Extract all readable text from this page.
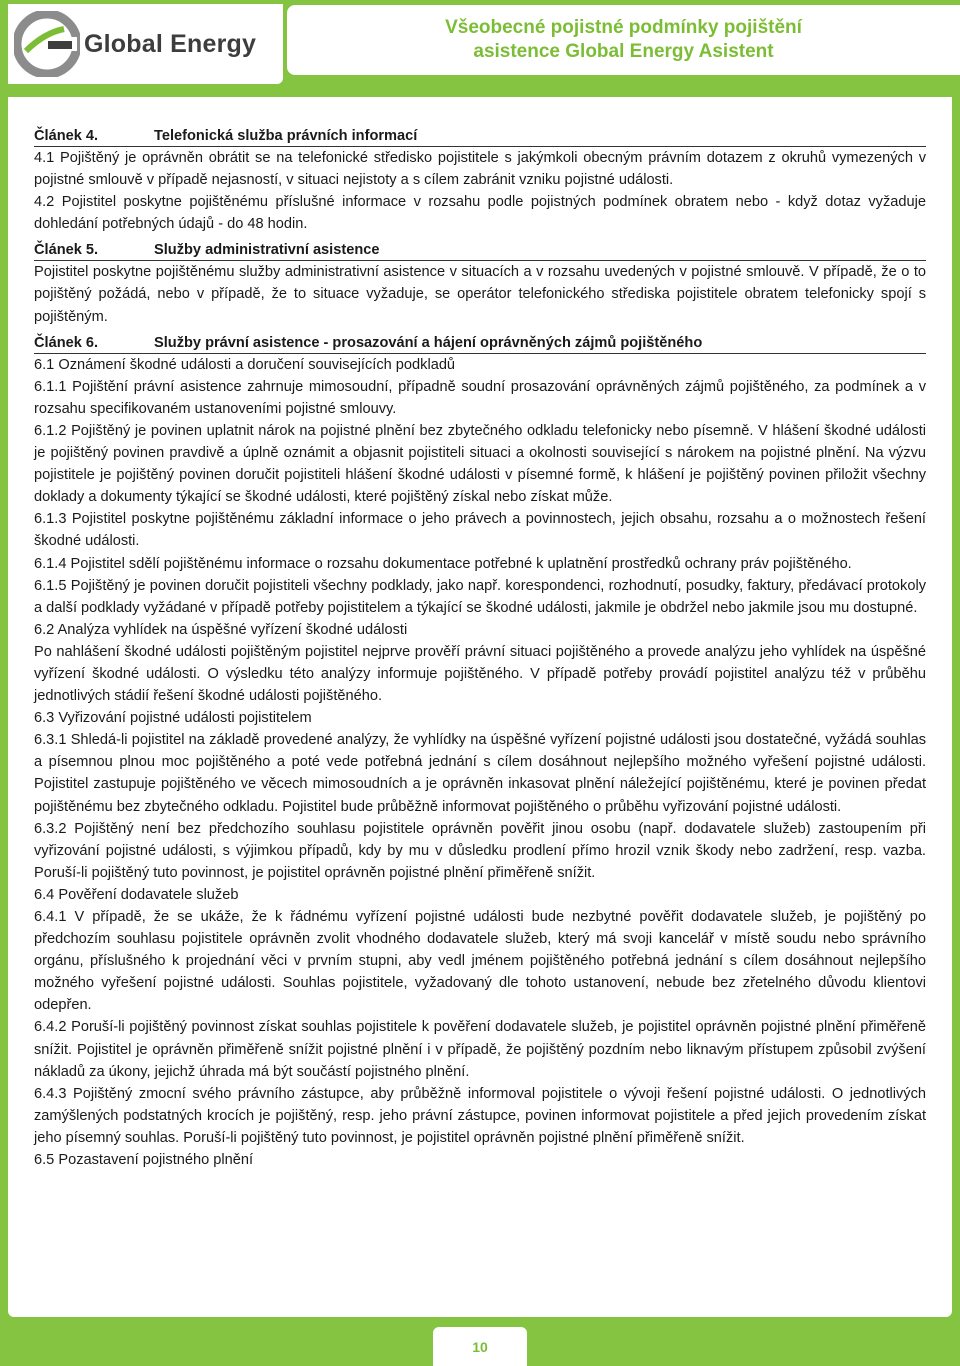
Global Energy
Všeobecné pojistné podmínky pojištění
asistence Global Energy Asistent
Článek 4.	Telefonická služba právních informací

4.1 Pojištěný je oprávněn obrátit se na telefonické středisko pojistitele s jakýmkoli obecným právním dotazem z okruhů vymezených v pojistné smlouvě v případě nejasností, v situaci nejistoty a s cílem zabránit vzniku pojistné události.

4.2 Pojistitel poskytne pojištěnému příslušné informace v rozsahu podle pojistných podmínek obratem nebo - když dotaz vyžaduje dohledání potřebných údajů - do 48 hodin.

Článek 5.	Služby administrativní asistence

Pojistitel poskytne pojištěnému služby administrativní asistence v situacích a v rozsahu uvedených v pojistné smlouvě. V případě, že o to pojištěný požádá, nebo v případě, že to situace vyžaduje, se operátor telefonického střediska pojistitele obratem telefonicky spojí s pojištěným.

Článek 6.	Služby právní asistence - prosazování a hájení oprávněných zájmů pojištěného

6.1 Oznámení škodné události a doručení souvisejících podkladů

6.1.1 Pojištění právní asistence zahrnuje mimosoudní, případně soudní prosazování oprávněných zájmů pojištěného, za podmínek a v rozsahu specifikovaném ustanoveními pojistné smlouvy.

6.1.2 Pojištěný je povinen uplatnit nárok na pojistné plnění bez zbytečného odkladu telefonicky nebo písemně. V hlášení škodné události je pojištěný povinen pravdivě a úplně oznámit a objasnit pojistiteli situaci a okolnosti související s nárokem na pojistné plnění. Na výzvu pojistitele je pojištěný povinen doručit pojistiteli hlášení škodné události v písemné formě, k hlášení je pojištěný povinen přiložit všechny doklady a dokumenty týkající se škodné události, které pojištěný získal nebo získat může.

6.1.3 Pojistitel poskytne pojištěnému základní informace o jeho právech a povinnostech, jejich obsahu, rozsahu a o možnostech řešení škodné události.

6.1.4 Pojistitel sdělí pojištěnému informace o rozsahu dokumentace potřebné k uplatnění prostředků ochrany práv pojištěného.

6.1.5 Pojištěný je povinen doručit pojistiteli všechny podklady, jako např. korespondenci, rozhodnutí, posudky, faktury, předávací protokoly a další podklady vyžádané v případě potřeby pojistitelem a týkající se škodné události, jakmile je obdržel nebo jakmile jsou mu dostupné.

6.2 Analýza vyhlídek na úspěšné vyřízení škodné události

Po nahlášení škodné události pojištěným pojistitel nejprve prověří právní situaci pojištěného a provede analýzu jeho vyhlídek na úspěšné vyřízení škodné události. O výsledku této analýzy informuje pojištěného. V případě potřeby provádí pojistitel analýzu též v průběhu jednotlivých stádií řešení škodné události pojištěného.

6.3 Vyřizování pojistné události pojistitelem

6.3.1 Shledá-li pojistitel na základě provedené analýzy, že vyhlídky na úspěšné vyřízení pojistné události jsou dostatečné, vyžádá souhlas a písemnou plnou moc pojištěného a poté vede potřebná jednání s cílem dosáhnout nejlepšího možného vyřešení pojistné události. Pojistitel zastupuje pojištěného ve věcech mimosoudních a je oprávněn inkasovat plnění náležející pojištěnému, které je povinen předat pojištěnému bez zbytečného odkladu. Pojistitel bude průběžně informovat pojištěného o průběhu vyřizování pojistné události.

6.3.2 Pojištěný není bez předchozího souhlasu pojistitele oprávněn pověřit jinou osobu (např. dodavatele služeb) zastoupením při vyřizování pojistné události, s výjimkou případů, kdy by mu v důsledku prodlení přímo hrozil vznik škody nebo zadržení, resp. vazba. Poruší-li pojištěný tuto povinnost, je pojistitel oprávněn pojistné plnění přiměřeně snížit.

6.4 Pověření dodavatele služeb

6.4.1 V případě, že se ukáže, že k řádnému vyřízení pojistné události bude nezbytné pověřit dodavatele služeb, je pojištěný po předchozím souhlasu pojistitele oprávněn zvolit vhodného dodavatele služeb, který má svoji kancelář v místě soudu nebo správního orgánu, příslušného k projednání věci v prvním stupni, aby vedl jménem pojištěného potřebná jednání s cílem dosáhnout nejlepšího možného vyřešení pojistné události. Souhlas pojistitele, vyžadovaný dle tohoto ustanovení, nebude bez zřetelného důvodu klientovi odepřen.

6.4.2 Poruší-li pojištěný povinnost získat souhlas pojistitele k pověření dodavatele služeb, je pojistitel oprávněn pojistné plnění přiměřeně snížit. Pojistitel je oprávněn přiměřeně snížit pojistné plnění i v případě, že pojištěný pozdním nebo liknavým přístupem způsobil zvýšení nákladů za úkony, jejichž úhrada má být součástí pojistného plnění.

6.4.3 Pojištěný zmocní svého právního zástupce, aby průběžně informoval pojistitele o vývoji řešení pojistné události. O jednotlivých zamýšlených podstatných krocích je pojištěný, resp. jeho právní zástupce, povinen informovat pojistitele a před jejich provedením získat jeho písemný souhlas. Poruší-li pojištěný tuto povinnost, je pojistitel oprávněn pojistné plnění přiměřeně snížit.

6.5 Pozastavení pojistného plnění

10
